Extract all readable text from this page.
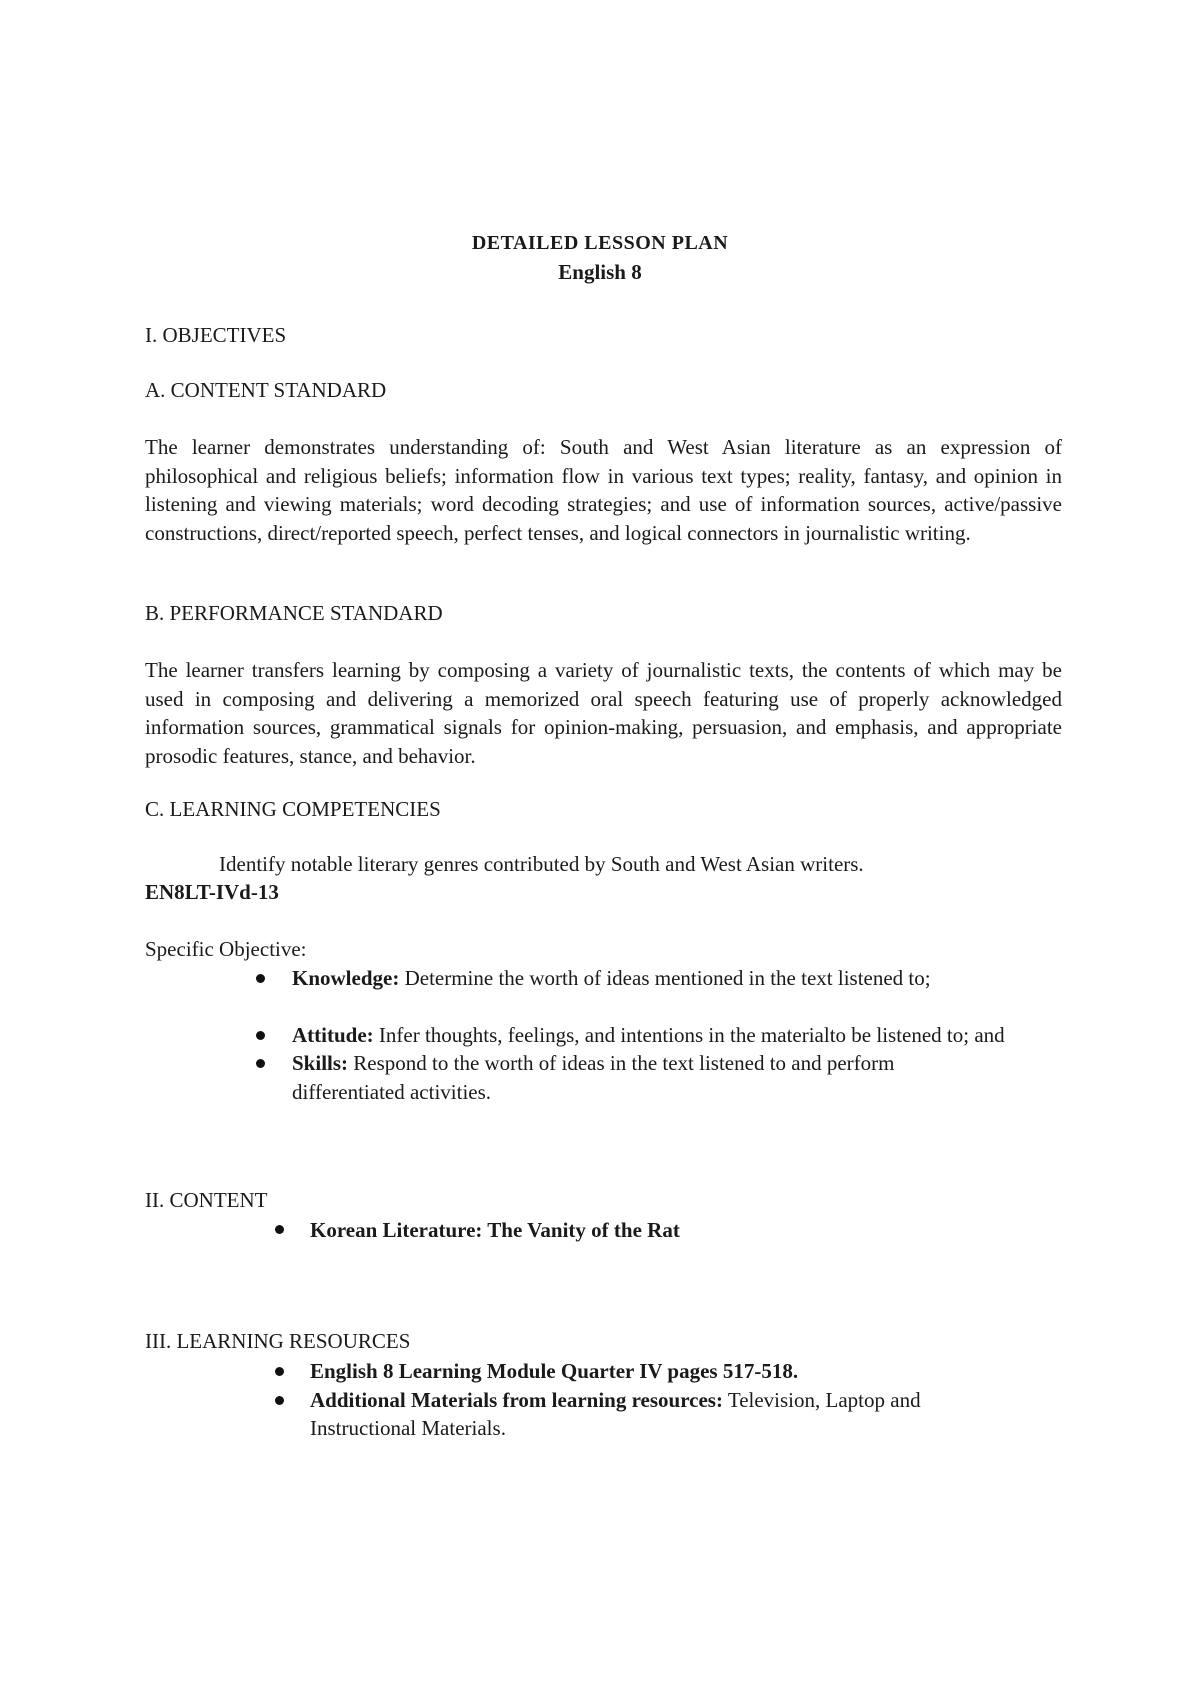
DETAILED LESSON PLAN
English 8
I. OBJECTIVES
A. CONTENT STANDARD
The learner demonstrates understanding of: South and West Asian literature as an expression of philosophical and religious beliefs; information flow in various text types; reality, fantasy, and opinion in listening and viewing materials; word decoding strategies; and use of information sources, active/passive constructions, direct/reported speech, perfect tenses, and logical connectors in journalistic writing.
B. PERFORMANCE STANDARD
The learner transfers learning by composing a variety of journalistic texts, the contents of which may be used in composing and delivering a memorized oral speech featuring use of properly acknowledged information sources, grammatical signals for opinion-making, persuasion, and emphasis, and appropriate prosodic features, stance, and behavior.
C. LEARNING COMPETENCIES
Identify notable literary genres contributed by South and West Asian writers.
EN8LT-IVd-13
Specific Objective:
Knowledge: Determine the worth of ideas mentioned in the text listened to;
Attitude: Infer thoughts, feelings, and intentions in the materialto be listened to; and
Skills: Respond to the worth of ideas in the text listened to and perform differentiated activities.
II. CONTENT
Korean Literature: The Vanity of the Rat
III. LEARNING RESOURCES
English 8 Learning Module Quarter IV pages 517-518.
Additional Materials from learning resources: Television, Laptop and Instructional Materials.
